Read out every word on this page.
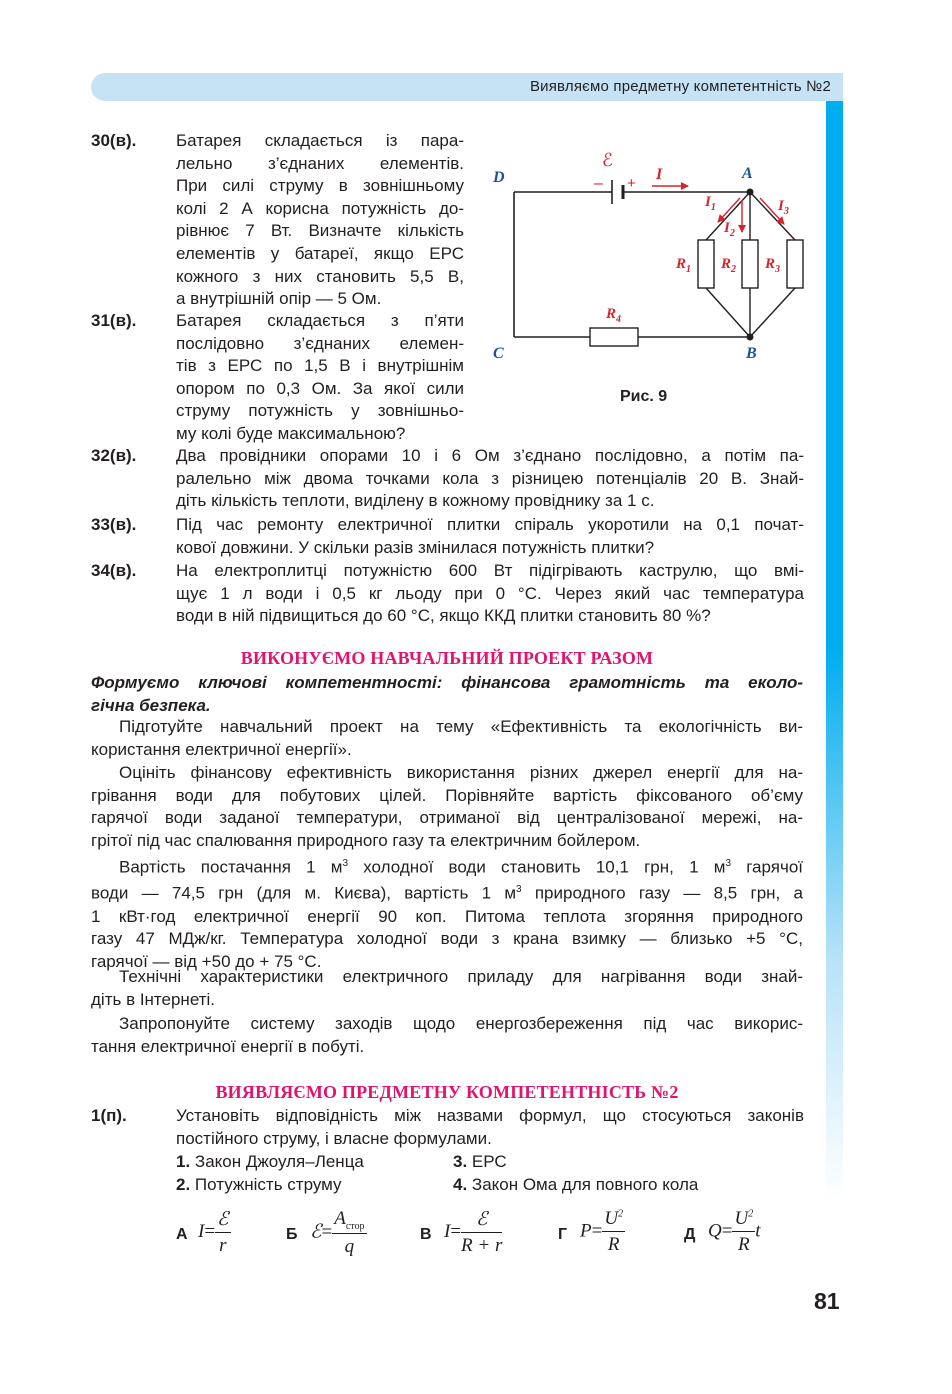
Виявляємо предметну компетентність №2
30(в). Батарея складається із пара-
лельно з’єднаних елементів.
При силі струму в зовнішньому
колі 2 А корисна потужність до-
рівнює 7 Вт. Визначте кількість
елементів у батареї, якщо ЕРС
кожного з них становить 5,5 В,
а внутрішній опір — 5 Ом.
31(в). Батарея складається з п’яти
послідовно з’єднаних елемен-
тів з ЕРС по 1,5 В і внутрішнім
опором по 0,3 Ом. За якої сили
струму потужність у зовнішньо-
му колі буде максимальною?
D	A
C	B
ℰ
– +
I
$I_1$
$I_2$
$I_3$
$R_1$ $R_2$ $R_3$
$R_4$
Рис. 9
32(в). Два провідники опорами 10 і 6 Ом з’єднано послідовно, а потім па-
ралельно між двома точками кола з різницею потенціалів 20 В. Знай-
діть кількість теплоти, виділену в кожному провіднику за 1 с.
33(в). Під час ремонту електричної плитки спіраль укоротили на 0,1 почат-
кової довжини. У скільки разів змінилася потужність плитки?
34(в). На електроплитці потужністю 600 Вт підігрівають каструлю, що вмі-
щує 1 л води і 0,5 кг льоду при 0 °С. Через який час температура
води в ній підвищиться до 60 °С, якщо ККД плитки становить 80 %?
ВИКОНУЄМО НАВЧАЛЬНИЙ ПРОЕКТ РАЗОМ
Формуємо ключові компетентності: фінансова грамотність та еколо-
гічна безпека.
Підготуйте навчальний проект на тему «Ефективність та екологічність ви-
користання електричної енергії».
Оцініть фінансову ефективність використання різних джерел енергії для на-
грівання води для побутових цілей. Порівняйте вартість фіксованого об’єму
гарячої води заданої температури, отриманої від централізованої мережі, на-
грітої під час спалювання природного газу та електричним бойлером.
Вартість постачання 1 $м^3$ холодної води становить 10,1 грн, 1 $м^3$ гарячої
води — 74,5 грн (для м. Києва), вартість 1 $м^3$ природного газу — 8,5 грн, а
1 кВт·год електричної енергії 90 коп. Питома теплота згоряння природного
газу 47 МДж/кг. Температура холодної води з крана взимку — близько +5 °С,
гарячої — від +50 до + 75 °С.
Технічні характеристики електричного приладу для нагрівання води знай-
діть в Інтернеті.
Запропонуйте систему заходів щодо енергозбереження під час викорис-
тання електричної енергії в побуті.
ВИЯВЛЯЄМО ПРЕДМЕТНУ КОМПЕТЕНТНІСТЬ №2
1(п).	Установіть відповідність між назвами формул, що стосуються законів
постійного струму, і власне формулами.
1. Закон Джоуля–Ленца
2. Потужність струму
3. ЕРС
4. Закон Ома для повного кола
А $I= \frac{\text{ℰ}}{r}$	Б ℰ= $\frac{A_{стор}}{q}$	В $I= \frac{\text{ℰ}}{R + r}$	Г $P= \frac{U^2}{R}$	Д $Q= \frac{U^2}{R}$ t
81
